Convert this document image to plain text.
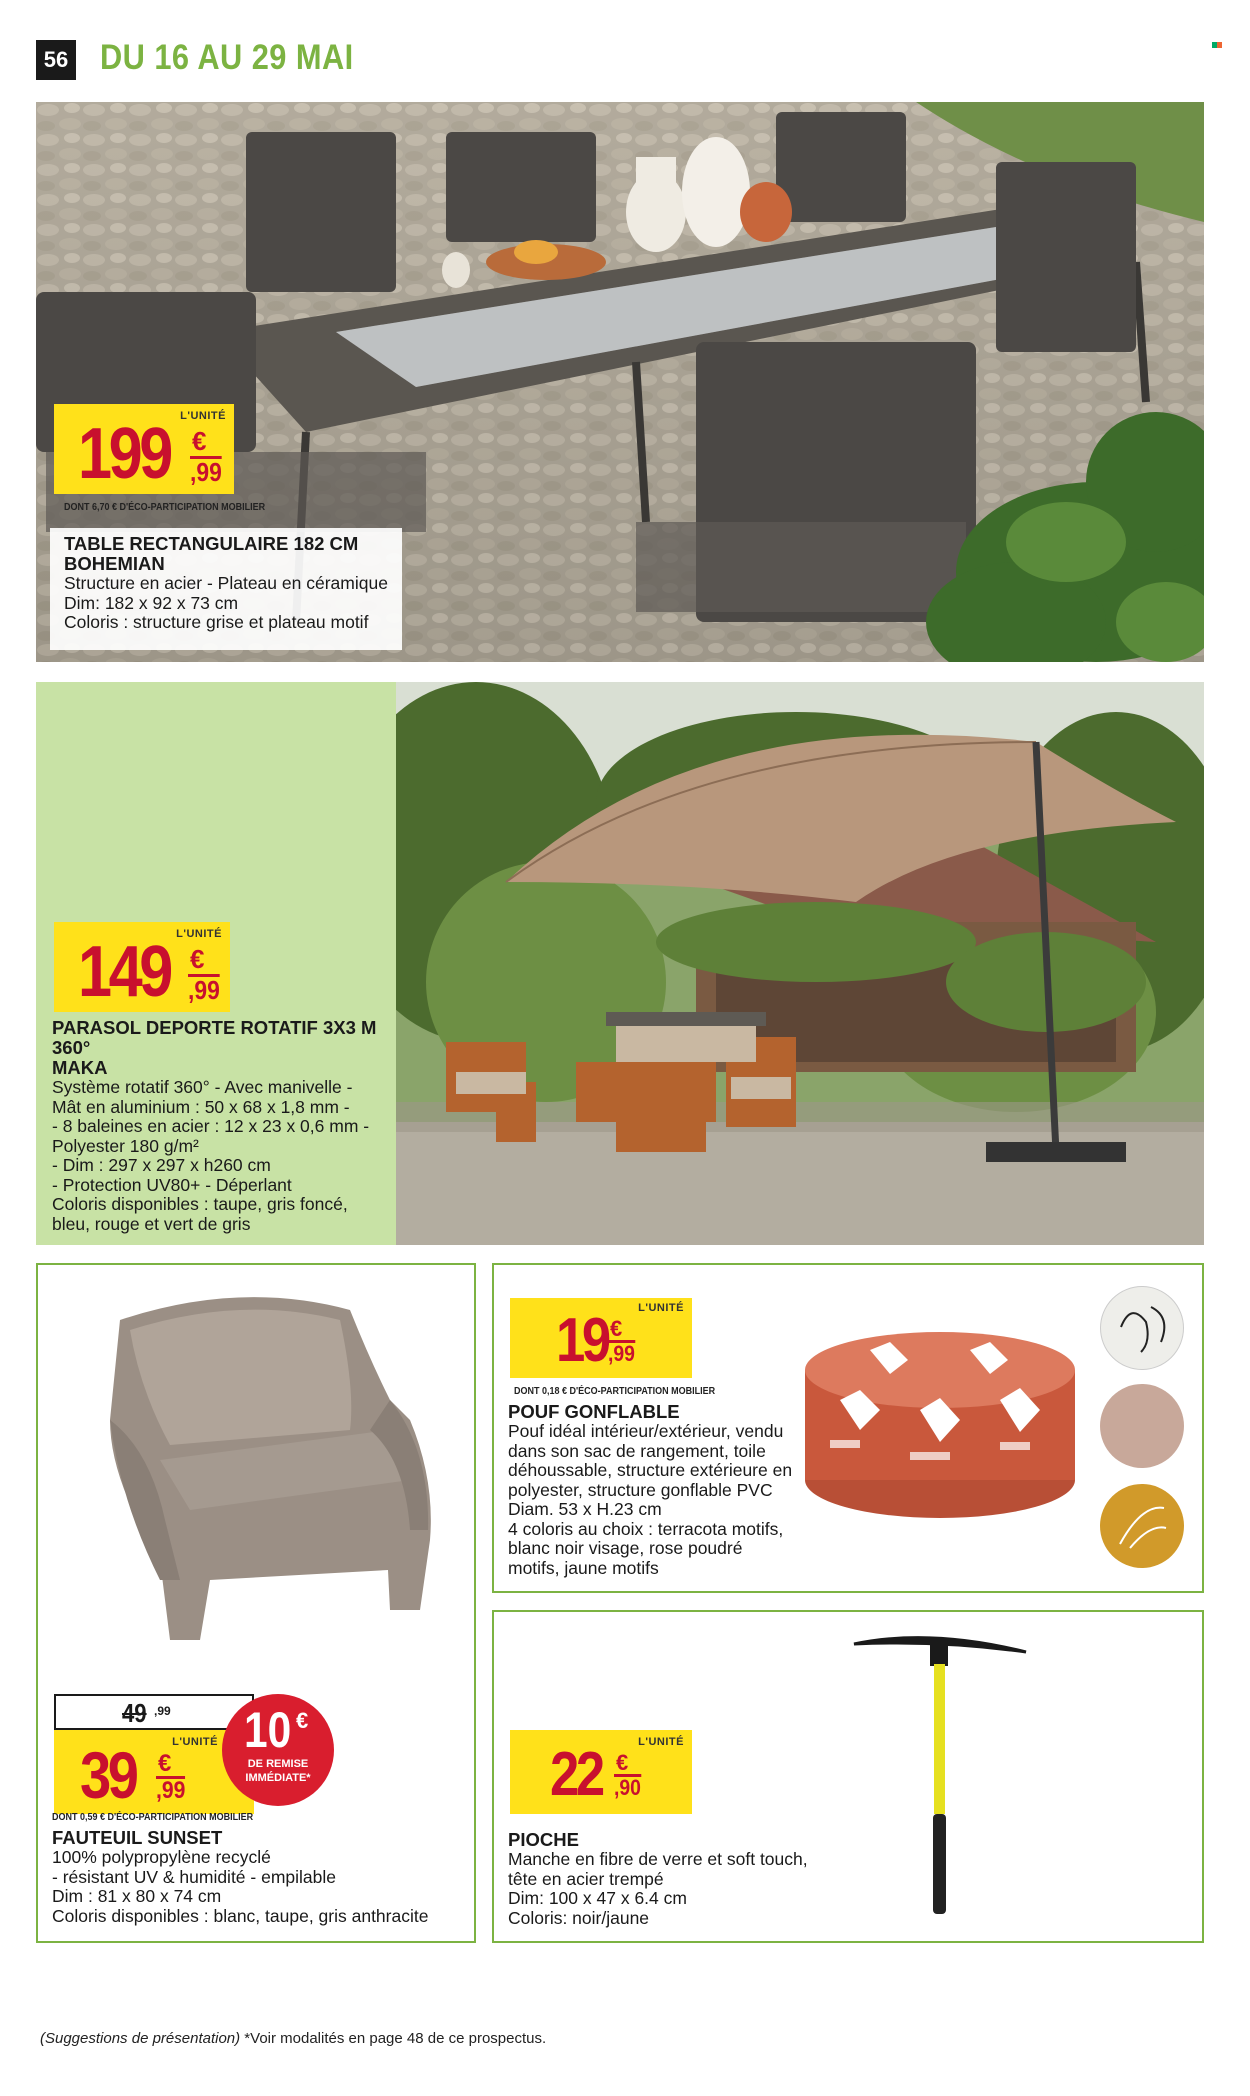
56 DU 16 AU 29 MAI
L'UNITÉ
199 €
,99
DONT 6,70 € D'ÉCO-PARTICIPATION MOBILIER
TABLE RECTANGULAIRE 182 CM
BOHEMIAN
Structure en acier - Plateau en céramique
Dim: 182 x 92 x 73 cm
Coloris : structure grise et plateau motif
L'UNITÉ
149 €
,99
PARASOL DEPORTE ROTATIF 3X3 M
360°
MAKA
Système rotatif 360° - Avec manivelle -
Mât en aluminium : 50 x 68 x 1,8 mm -
- 8 baleines en acier : 12 x 23 x 0,6 mm -
Polyester 180 g/m²
- Dim : 297 x 297 x h260 cm
- Protection UV80+ - Déperlant
Coloris disponibles : taupe, gris foncé,
bleu, rouge et vert de gris
49 ,99
L'UNITÉ
39 €
,99
10 €
DE REMISE
IMMÉDIATE*
DONT 0,59 € D'ÉCO-PARTICIPATION MOBILIER
FAUTEUIL SUNSET
100% polypropylène recyclé
- résistant UV & humidité - empilable
Dim : 81 x 80 x 74 cm
Coloris disponibles : blanc, taupe, gris anthracite
L'UNITÉ
19 €
,99
DONT 0,18 € D'ÉCO-PARTICIPATION MOBILIER
POUF GONFLABLE
Pouf idéal intérieur/extérieur, vendu
dans son sac de rangement, toile
déhoussable, structure extérieure en
polyester, structure gonflable PVC
Diam. 53 x H.23 cm
4 coloris au choix : terracota motifs,
blanc noir visage, rose poudré
motifs, jaune motifs
L'UNITÉ
22 €
,90
PIOCHE
Manche en fibre de verre et soft touch,
tête en acier trempé
Dim: 100 x 47 x 6.4 cm
Coloris: noir/jaune
(Suggestions de présentation) *Voir modalités en page 48 de ce prospectus.
